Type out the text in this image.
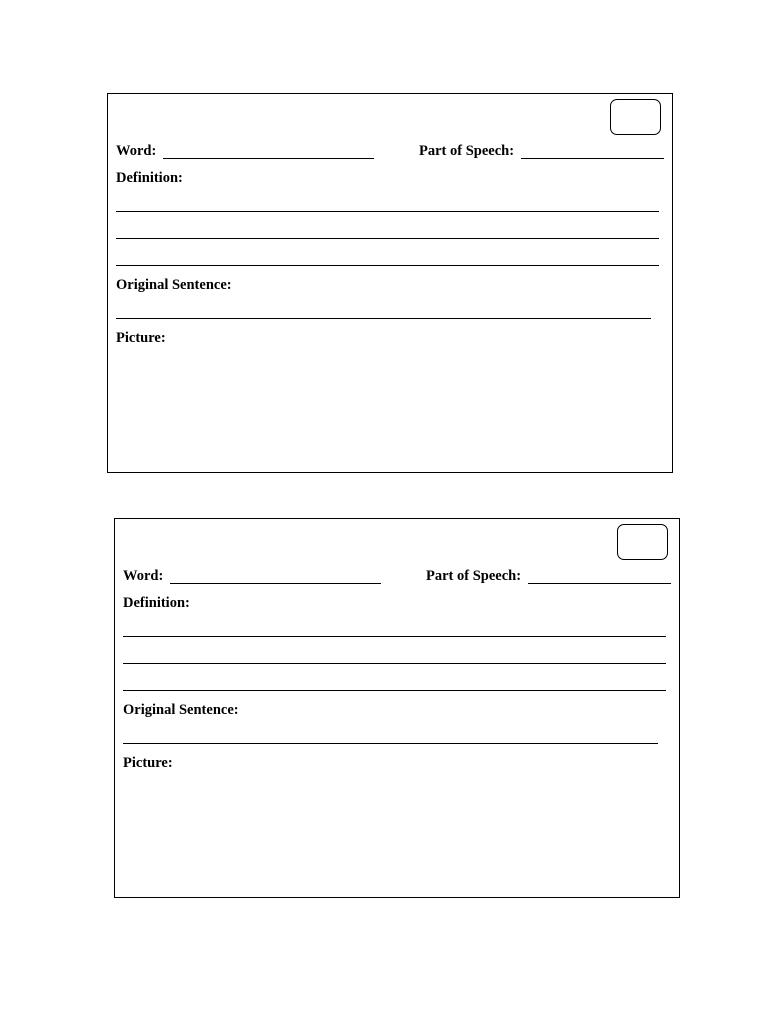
Word:	Part of Speech:
Definition:
Original Sentence:
Picture:
Word:	Part of Speech:
Definition:
Original Sentence:
Picture:
